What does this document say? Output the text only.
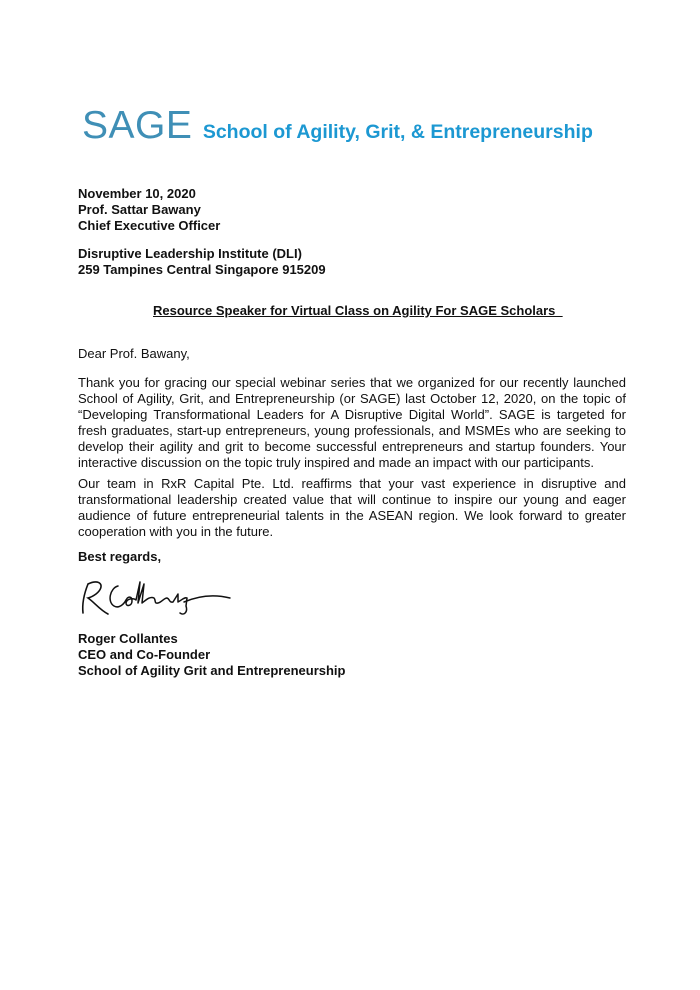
SAGE School of Agility, Grit, & Entrepreneurship
November 10, 2020
Prof. Sattar Bawany
Chief Executive Officer
Disruptive Leadership Institute (DLI)
259 Tampines Central Singapore 915209
Resource Speaker for Virtual Class on Agility For SAGE Scholars
Dear Prof. Bawany,
Thank you for gracing our special webinar series that we organized for our recently launched School of Agility, Grit, and Entrepreneurship (or SAGE) last October 12, 2020, on the topic of “Developing Transformational Leaders for A Disruptive Digital World”. SAGE is targeted for fresh graduates, start-up entrepreneurs, young professionals, and MSMEs who are seeking to develop their agility and grit to become successful entrepreneurs and startup founders. Your interactive discussion on the topic truly inspired and made an impact with our participants.
Our team in RxR Capital Pte. Ltd. reaffirms that your vast experience in disruptive and transformational leadership created value that will continue to inspire our young and eager audience of future entrepreneurial talents in the ASEAN region. We look forward to greater cooperation with you in the future.
Best regards,
Roger Collantes
CEO and Co-Founder
School of Agility Grit and Entrepreneurship
